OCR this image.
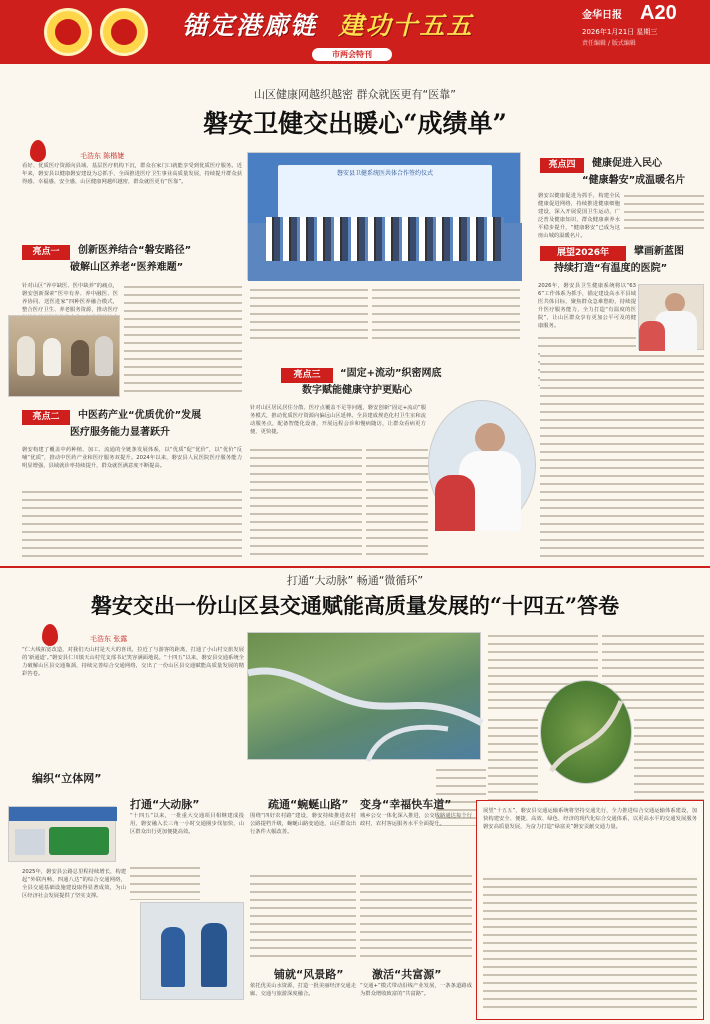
锚定港廊链 建功十五五
市两会特刊
金华日报 A20
2026年1月21日 星期三
责任编辑 / 版式编辑
山区健康网越织越密 群众就医更有“医靠”
磐安卫健交出暖心“成绩单”
毛浩东 陈楷婕
看好、优质医疗资源向县域、基层医疗机构下沉，群众在家门口就能享受到优质医疗服务。近年来，磐安县以健康磐安建设为总抓手，全面推进医疗卫生事业高质量发展，持续提升群众获得感、幸福感、安全感，山区健康网越织越密，群众就医更有“医靠”。
亮点一	创新医养结合“磐安路径”
破解山区养老“医养难题”
针对山区“养中缺医、医中缺养”的痛点，磐安创新探索“医中有养、养中融医、医养协同、送医进家”四种医养融合模式，整合医疗卫生、养老服务资源，推动医疗
亮点二	中医药产业“优质优价”发展
医疗服务能力显著跃升
磐安构建了覆盖中药种植、加工、流通的全链条发展体系，以“优质”促“优价”，以“优价”反哺“优质”，推动中医药产业和医疗服务双提升。2024年以来，磐安县人民医院医疗服务能力明显增强，县域就诊率持续提升，群众就医满意度不断提高。
磐安县卫健系统医共体合作签约仪式
亮点三	“固定+流动”织密网底
数字赋能健康守护更贴心
针对山区居民居住分散、医疗点覆盖不足等问题，磐安创新“固定+流动”服务模式，推动优质医疗资源向偏远山区延伸。全县建成规范化村卫生室和流动服务点，配备智能化设备，开展远程会诊和慢病随访，让群众看病更方便、更快捷。
亮点四	健康促进入民心
“健康磐安”成温暖名片
磐安以健康促进为抓手，构建全民健康促进网络，持续推进健康细胞建设，深入开展爱国卫生运动，广泛普及健康知识，群众健康素养水平稳步提升，“健康磐安”已成为这座山城的温暖名片。
展望2026年	擘画新蓝图
持续打造“有温度的医院”
2026年，磐安县卫生健康系统将以“636”工作体系为抓手，锚定建设高水平县域医共体目标，聚焦群众急难愁盼，持续提升医疗服务能力，全力打造“有温度的医院”，让山区群众享有更加公平可及的健康服务。
打通“大动脉” 畅通“微循环”
磐安交出一份山区县交通赋能高质量发展的“十四五”答卷
毛浩东 张露
“仁大线拓宽改造，对我们天山村是天大的喜讯，拉近了与游客的距离，打通了小山村交旅发展的‘新通道’。”磐安县仁川镇天山村党支部书记笑容满面地说。“十四五”以来，磐安县交通系统全力破解山区县交通瓶颈，持续完善综合交通网络，交出了一份山区县交通赋能高质量发展的精彩答卷。
编织“立体网”
2025年，磐安县公路总里程持续增长，构建起“外联内畅、四通八达”的综合交通网络，全县交通基础设施建设取得显著成效，为山区经济社会发展提供了坚实支撑。
打通“大动脉”
“十四五”以来，一批重大交通项目相继建成投用，磐安融入长三角一小时交通圈步伐加快，山区群众出行更加便捷高效。
疏通“蜿蜒山路” 变身“幸福快车道”
围绕“四好农村路”建设，磐安持续推进农村公路提档升级，蜿蜒山路变通途，山区群众出行条件大幅改善。
城乡公交一体化深入推进，公交线路通达每个行政村，农村客运服务水平全面提升。
铺就“风景路”	激活“共富源”
依托优美山水资源，打造一批美丽经济交通走廊，交通与旅游深度融合。
“交通+”模式带动沿线产业发展，一条条道路成为群众增收致富的“共富路”。
展望“十五五”，磐安县交通运输系统将坚持交通先行，全力推进综合交通运输体系建设，加快构建安全、便捷、高效、绿色、经济的现代化综合交通体系，以更高水平的交通发展服务磐安高质量发展，为奋力打造“绿富美”磐安贡献交通力量。
